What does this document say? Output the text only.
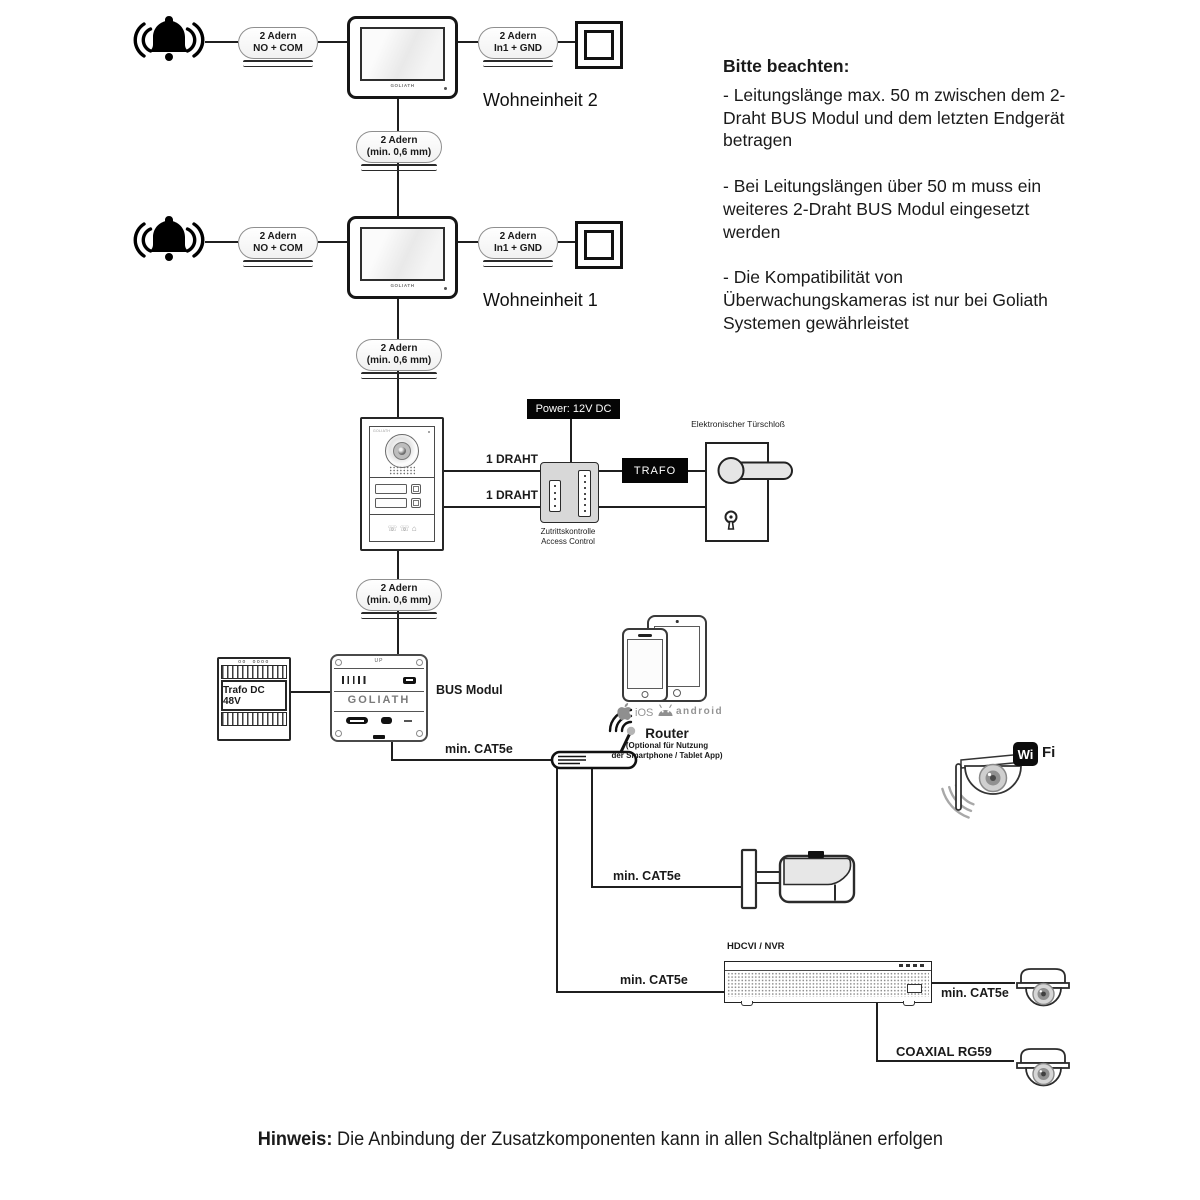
2 Adern
NO + COM
2 Adern
In1 + GND
2 Adern
(min. 0,6 mm)
2 Adern
NO + COM
2 Adern
In1 + GND
2 Adern
(min. 0,6 mm)
2 Adern
(min. 0,6 mm)
GOLIATH
GOLIATH
Wohneinheit 2
Wohneinheit 1
GOLIATH
☏ ☏ ⌂
Power: 12V DC
TRAFO
1 DRAHT
1 DRAHT
Zutrittskontrolle
Access Control
Elektronischer Türschloß
oo  oooo
Trafo DC 48V
UP
GOLIATH
BUS Modul
min. CAT5e
min. CAT5e
min. CAT5e
min. CAT5e
COAXIAL RG59
Router
(Optional für Nutzung
der Smartphone / Tablet App)
iOS android
Wi Fi
HDCVI / NVR
Bitte beachten:

- Leitungslänge max. 50 m zwischen dem 2-Draht BUS Modul und dem letzten Endgerät betragen

- Bei Leitungslängen über 50 m muss ein weiteres 2-Draht BUS Modul eingesetzt werden

- Die Kompatibilität von Überwachungskameras ist nur bei Goliath Systemen gewährleistet

Hinweis: Die Anbindung der Zusatzkomponenten kann in allen Schaltplänen erfolgen
